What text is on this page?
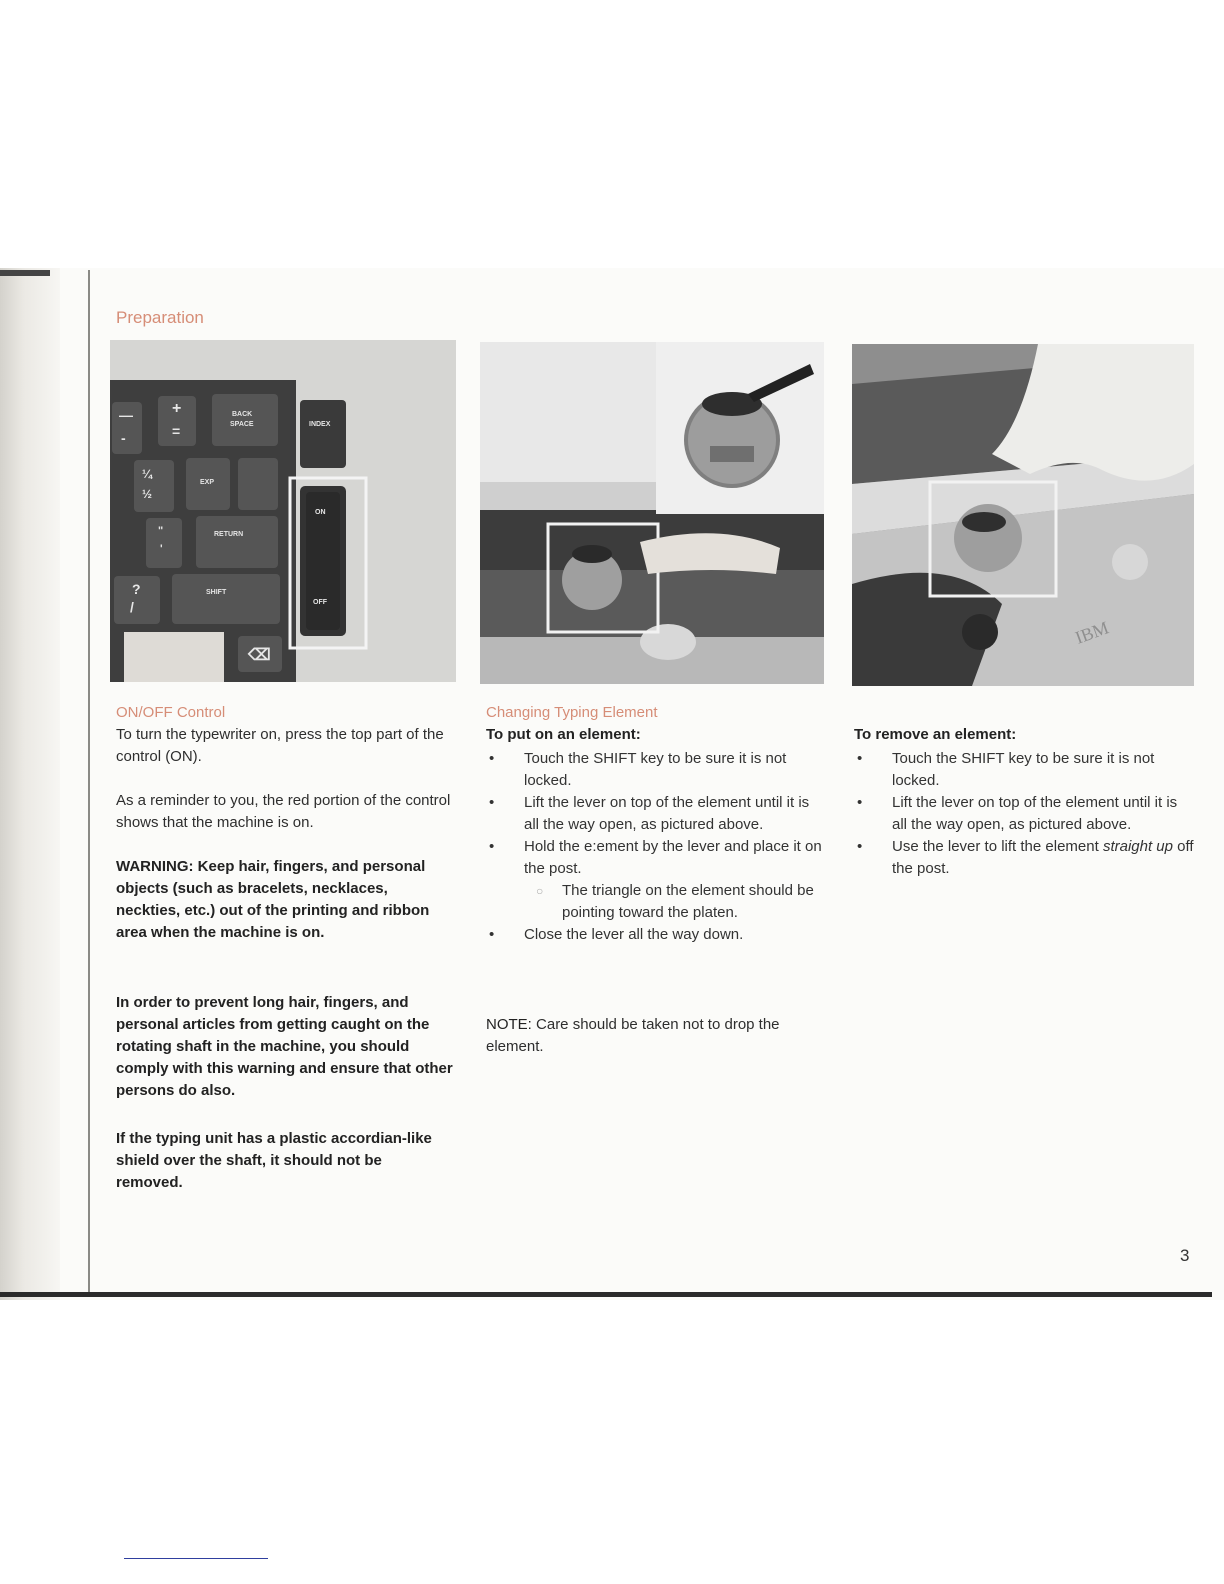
Preparation
—
-
+
=
BACK
SPACE
¼
½
EXP
"
'
RETURN
?
/
SHIFT
⌫
INDEX
ON
OFF
IBM
ON/OFF Control

To turn the typewriter on, press the top part of the control (ON).

As a reminder to you, the red portion of the control shows that the machine is on.

WARNING: Keep hair, fingers, and personal objects (such as bracelets, necklaces, neckties, etc.) out of the printing and ribbon area when the machine is on.

In order to prevent long hair, fingers, and personal articles from getting caught on the rotating shaft in the machine, you should comply with this warning and ensure that other persons do also.

If the typing unit has a plastic accordian-like shield over the shaft, it should not be removed.

Changing Typing Element
To put on an element:
• Touch the SHIFT key to be sure it is not locked.
• Lift the lever on top of the element until it is all the way open, as pictured above.
• Hold the e:ement by the lever and place it on the post.
○ The triangle on the element should be pointing toward the platen.
• Close the lever all the way down.

NOTE: Care should be taken not to drop the element.

To remove an element:
• Touch the SHIFT key to be sure it is not locked.
• Lift the lever on top of the element until it is all the way open, as pictured above.
• Use the lever to lift the element straight up off the post.
3
